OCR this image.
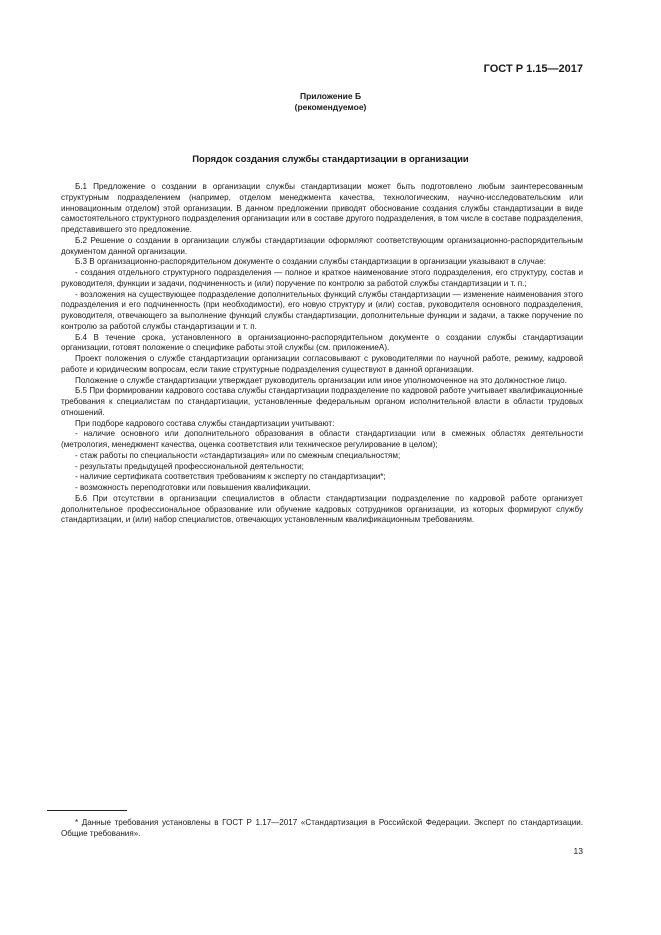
ГОСТ Р 1.15—2017
Приложение Б
(рекомендуемое)
Порядок создания службы стандартизации в организации

Б.1 Предложение о создании в организации службы стандартизации может быть подготовлено любым заинтересованным структурным подразделением (например, отделом менеджмента качества, технологическим, научно-исследовательским или инновационным отделом) этой организации. В данном предложении приводят обоснование создания службы стандартизации в виде самостоятельного структурного подразделения организации или в составе другого подразделения, в том числе в составе подразделения, представившего это предложение.

Б.2 Решение о создании в организации службы стандартизации оформляют соответствующим организационно-распорядительным документом данной организации.

Б.3 В организационно-распорядительном документе о создании службы стандартизации в организации указывают в случае:

- создания отдельного структурного подразделения — полное и краткое наименование этого подразделения, его структуру, состав и руководителя, функции и задачи, подчиненность и (или) поручение по контролю за работой службы стандартизации и т. п.;

- возложения на существующее подразделение дополнительных функций службы стандартизации — изменение наименования этого подразделения и его подчиненность (при необходимости), его новую структуру и (или) состав, руководителя основного подразделения, руководителя, отвечающего за выполнение функций службы стандартизации, дополнительные функции и задачи, а также поручение по контролю за работой службы стандартизации и т. п.

Б.4 В течение срока, установленного в организационно-распорядительном документе о создании службы стандартизации организации, готовят положение о специфике работы этой службы (см. приложениеА).

Проект положения о службе стандартизации организации согласовывают с руководителями по научной работе, режиму, кадровой работе и юридическим вопросам, если такие структурные подразделения существуют в данной организации.

Положение о службе стандартизации утверждает руководитель организации или иное уполномоченное на это должностное лицо.

Б.5 При формировании кадрового состава службы стандартизации подразделение по кадровой работе учитывает квалификационные требования к специалистам по стандартизации, установленные федеральным органом исполнительной власти в области трудовых отношений.

При подборе кадрового состава службы стандартизации учитывают:

- наличие основного или дополнительного образования в области стандартизации или в смежных областях деятельности (метрология, менеджмент качества, оценка соответствия или техническое регулирование в целом);

- стаж работы по специальности «стандартизация» или по смежным специальностям;

- результаты предыдущей профессиональной деятельности;

- наличие сертификата соответствия требованиям к эксперту по стандартизации*;

- возможность переподготовки или повышения квалификации.

Б.6 При отсутствии в организации специалистов в области стандартизации подразделение по кадровой работе организует дополнительное профессиональное образование или обучение кадровых сотрудников организации, из которых формируют службу стандартизации, и (или) набор специалистов, отвечающих установленным квалификационным требованиям.

* Данные требования установлены в ГОСТ Р 1.17—2017 «Стандартизация в Российской Федерации. Эксперт по стандартизации. Общие требования».

13
